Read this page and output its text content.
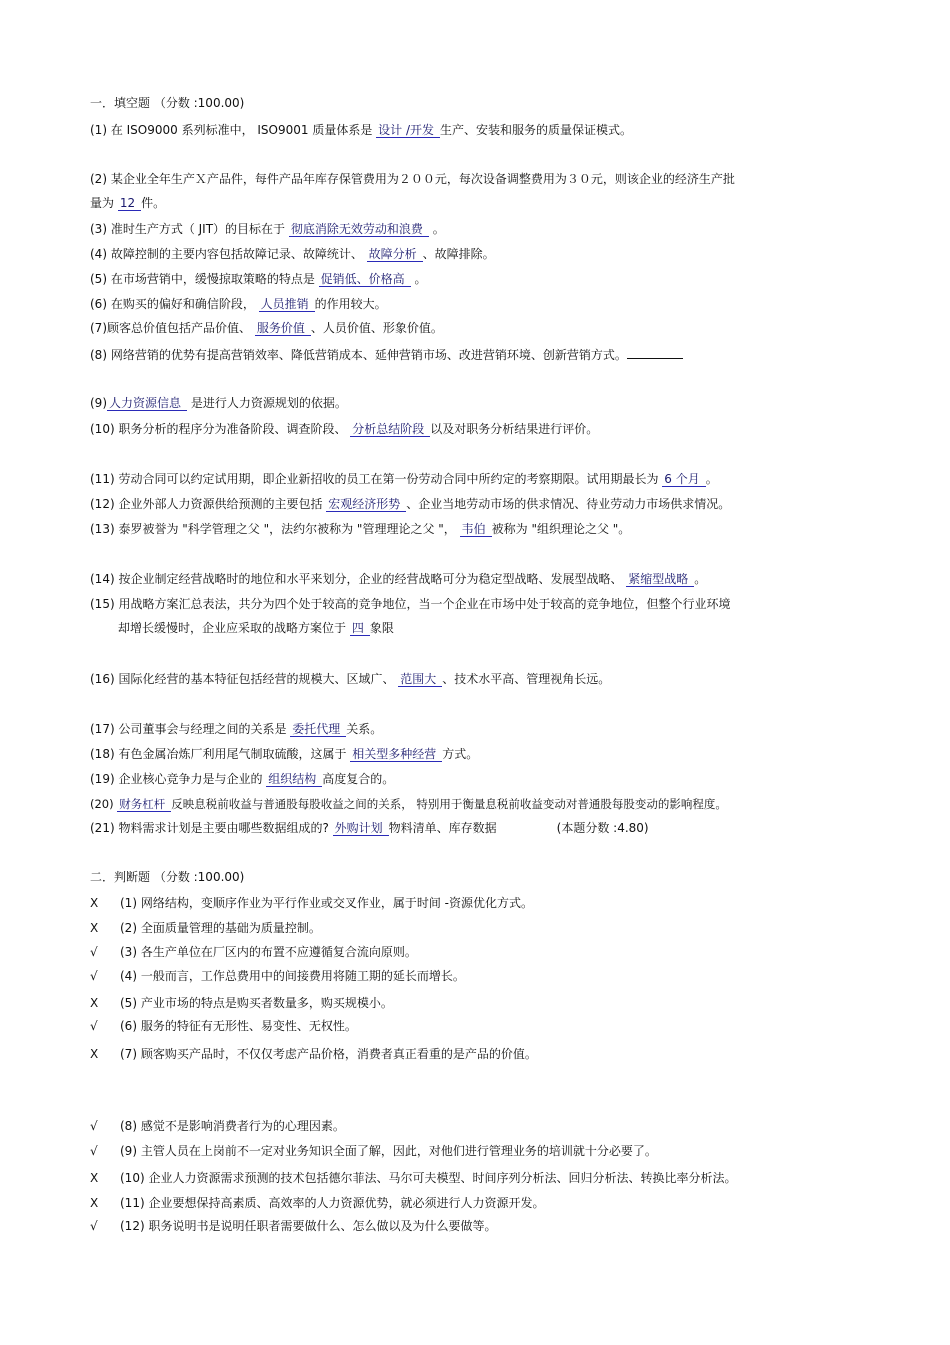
一．填空题 （分数 :100.00)
(1) 在 ISO9000 系列标准中， ISO9001 质量体系是 设计 /开发 生产、安装和服务的质量保证模式。
(2) 某企业全年生产Ｘ产品件，每件产品年库存保管费用为２００元，每次设备调整费用为３０元，则该企业的经济生产批
量为 12 件。
(3) 准时生产方式（ JIT）的目标在于 彻底消除无效劳动和浪费 。
(4) 故障控制的主要内容包括故障记录、故障统计、 故障分析 、故障排除。
(5) 在市场营销中，缓慢掠取策略的特点是 促销低、价格高 。
(6) 在购买的偏好和确信阶段， 人员推销 的作用较大。
(7)顾客总价值包括产品价值、 服务价值 、人员价值、形象价值。
(8) 网络营销的优势有提高营销效率、降低营销成本、延伸营销市场、改进营销环境、创新营销方式。
(9) 人力资源信息 是进行人力资源规划的依据。
(10) 职务分析的程序分为准备阶段、调查阶段、 分析总结阶段 以及对职务分析结果进行评价。
(11) 劳动合同可以约定试用期，即企业新招收的员工在第一份劳动合同中所约定的考察期限。试用期最长为 6 个月 。
(12) 企业外部人力资源供给预测的主要包括 宏观经济形势 、企业当地劳动市场的供求情况、待业劳动力市场供求情况。
(13) 泰罗被誉为 "科学管理之父 "，法约尔被称为 "管理理论之父 "， 韦伯 被称为 "组织理论之父 "。
(14) 按企业制定经营战略时的地位和水平来划分，企业的经营战略可分为稳定型战略、发展型战略、 紧缩型战略 。
(15) 用战略方案汇总表法，共分为四个处于较高的竞争地位，当一个企业在市场中处于较高的竞争地位，但整个行业环境
却增长缓慢时，企业应采取的战略方案位于 四 象限
(16) 国际化经营的基本特征包括经营的规模大、区域广、 范围大 、技术水平高、管理视角长远。
(17) 公司董事会与经理之间的关系是 委托代理 关系。
(18) 有色金属冶炼厂利用尾气制取硫酸，这属于 相关型多种经营 方式。
(19) 企业核心竞争力是与企业的 组织结构 高度复合的。
(20) 财务杠杆 反映息税前收益与普通股每股收益之间的关系， 特别用于衡量息税前收益变动对普通股每股变动的影响程度。
(21) 物料需求计划是主要由哪些数据组成的? 外购计划 物料清单、库存数据	(本题分数 :4.80)
二．判断题 （分数 :100.00)
X (1) 网络结构，变顺序作业为平行作业或交叉作业，属于时间 -资源优化方式。
X (2) 全面质量管理的基础为质量控制。
√ (3) 各生产单位在厂区内的布置不应遵循复合流向原则。
√ (4) 一般而言，工作总费用中的间接费用将随工期的延长而增长。
X (5) 产业市场的特点是购买者数量多，购买规模小。
√ (6) 服务的特征有无形性、易变性、无权性。
X (7) 顾客购买产品时，不仅仅考虑产品价格，消费者真正看重的是产品的价值。
√ (8) 感觉不是影响消费者行为的心理因素。
√ (9) 主管人员在上岗前不一定对业务知识全面了解，因此，对他们进行管理业务的培训就十分必要了。
X (10) 企业人力资源需求预测的技术包括德尔菲法、马尔可夫模型、时间序列分析法、回归分析法、转换比率分析法。
X (11) 企业要想保持高素质、高效率的人力资源优势，就必须进行人力资源开发。
√ (12) 职务说明书是说明任职者需要做什么、怎么做以及为什么要做等。
